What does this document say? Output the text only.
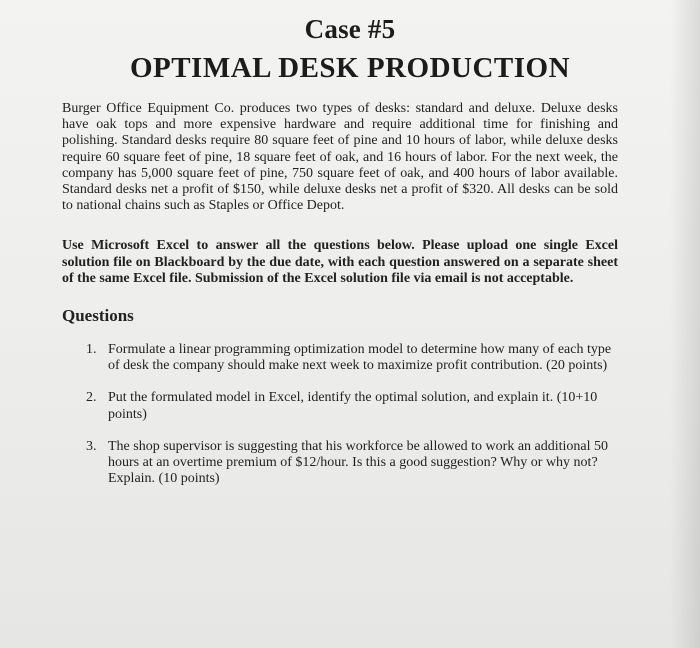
Case #5
OPTIMAL DESK PRODUCTION

Burger Office Equipment Co. produces two types of desks: standard and deluxe. Deluxe desks have oak tops and more expensive hardware and require additional time for finishing and polishing. Standard desks require 80 square feet of pine and 10 hours of labor, while deluxe desks require 60 square feet of pine, 18 square feet of oak, and 16 hours of labor. For the next week, the company has 5,000 square feet of pine, 750 square feet of oak, and 400 hours of labor available. Standard desks net a profit of $150, while deluxe desks net a profit of $320. All desks can be sold to national chains such as Staples or Office Depot.

Use Microsoft Excel to answer all the questions below. Please upload one single Excel solution file on Blackboard by the due date, with each question answered on a separate sheet of the same Excel file. Submission of the Excel solution file via email is not acceptable.

Questions
1. Formulate a linear programming optimization model to determine how many of each type of desk the company should make next week to maximize profit contribution. (20 points)
2. Put the formulated model in Excel, identify the optimal solution, and explain it. (10+10 points)
3. The shop supervisor is suggesting that his workforce be allowed to work an additional 50 hours at an overtime premium of $12/hour. Is this a good suggestion? Why or why not? Explain. (10 points)
